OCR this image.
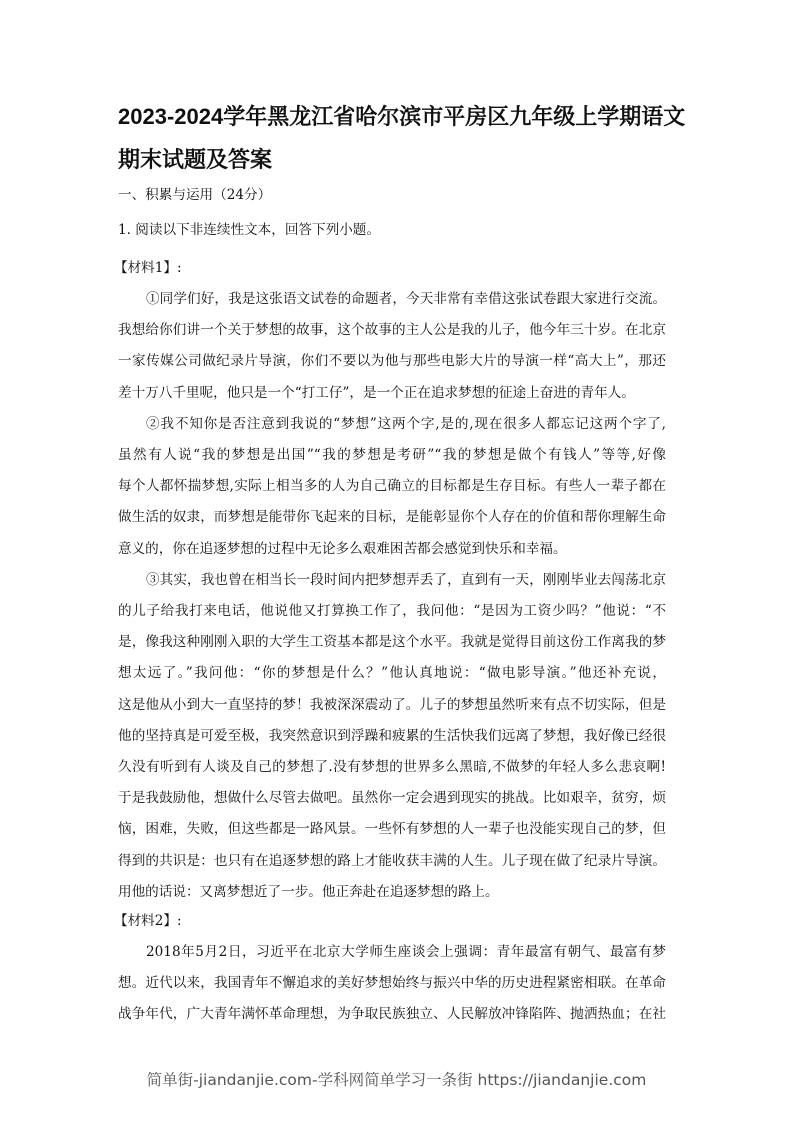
2023-2024学年黑龙江省哈尔滨市平房区九年级上学期语文
期末试题及答案
一、积累与运用（24分）
1. 阅读以下非连续性文本，回答下列小题。
【材料1】:
①同学们好，我是这张语文试卷的命题者，今天非常有幸借这张试卷跟大家进行交流。
我想给你们讲一个关于梦想的故事，这个故事的主人公是我的儿子，他今年三十岁。在北京
一家传媒公司做纪录片导演，你们不要以为他与那些电影大片的导演一样“高大上”，那还
差十万八千里呢，他只是一个“打工仔”，是一个正在追求梦想的征途上奋进的青年人。
②我不知你是否注意到我说的“梦想”这两个字,是的,现在很多人都忘记这两个字了,
虽然有人说“我的梦想是出国”“我的梦想是考研”“我的梦想是做个有钱人”等等,好像
每个人都怀揣梦想,实际上相当多的人为自己确立的目标都是生存目标。有些人一辈子都在
做生活的奴隶，而梦想是能带你飞起来的目标，是能彰显你个人存在的价值和帮你理解生命
意义的，你在追逐梦想的过程中无论多么艰难困苦都会感觉到快乐和幸福。
③其实，我也曾在相当长一段时间内把梦想弄丢了，直到有一天，刚刚毕业去闯荡北京
的儿子给我打来电话，他说他又打算换工作了，我问他：“是因为工资少吗？”他说：“不
是，像我这种刚刚入职的大学生工资基本都是这个水平。我就是觉得目前这份工作离我的梦
想太远了。”我问他：“你的梦想是什么？”他认真地说：“做电影导演。”他还补充说，
这是他从小到大一直坚持的梦！我被深深震动了。儿子的梦想虽然听来有点不切实际，但是
他的坚持真是可爱至极，我突然意识到浮躁和疲累的生活快我们远离了梦想，我好像已经很
久没有听到有人谈及自己的梦想了.没有梦想的世界多么黑暗,不做梦的年轻人多么悲哀啊!
于是我鼓励他，想做什么尽管去做吧。虽然你一定会遇到现实的挑战。比如艰辛，贫穷，烦
恼，困难，失败，但这些都是一路风景。一些怀有梦想的人一辈子也没能实现自己的梦，但
得到的共识是：也只有在追逐梦想的路上才能收获丰满的人生。儿子现在做了纪录片导演。
用他的话说：又离梦想近了一步。他正奔赴在追逐梦想的路上。
【材料2】:
2018年5月2日，习近平在北京大学师生座谈会上强调：青年最富有朝气、最富有梦
想。近代以来，我国青年不懈追求的美好梦想始终与振兴中华的历史进程紧密相联。在革命
战争年代，广大青年满怀革命理想，为争取民族独立、人民解放冲锋陷阵、抛洒热血；在社
简单街-jiandanjie.com-学科网简单学习一条街 https://jiandanjie.com
